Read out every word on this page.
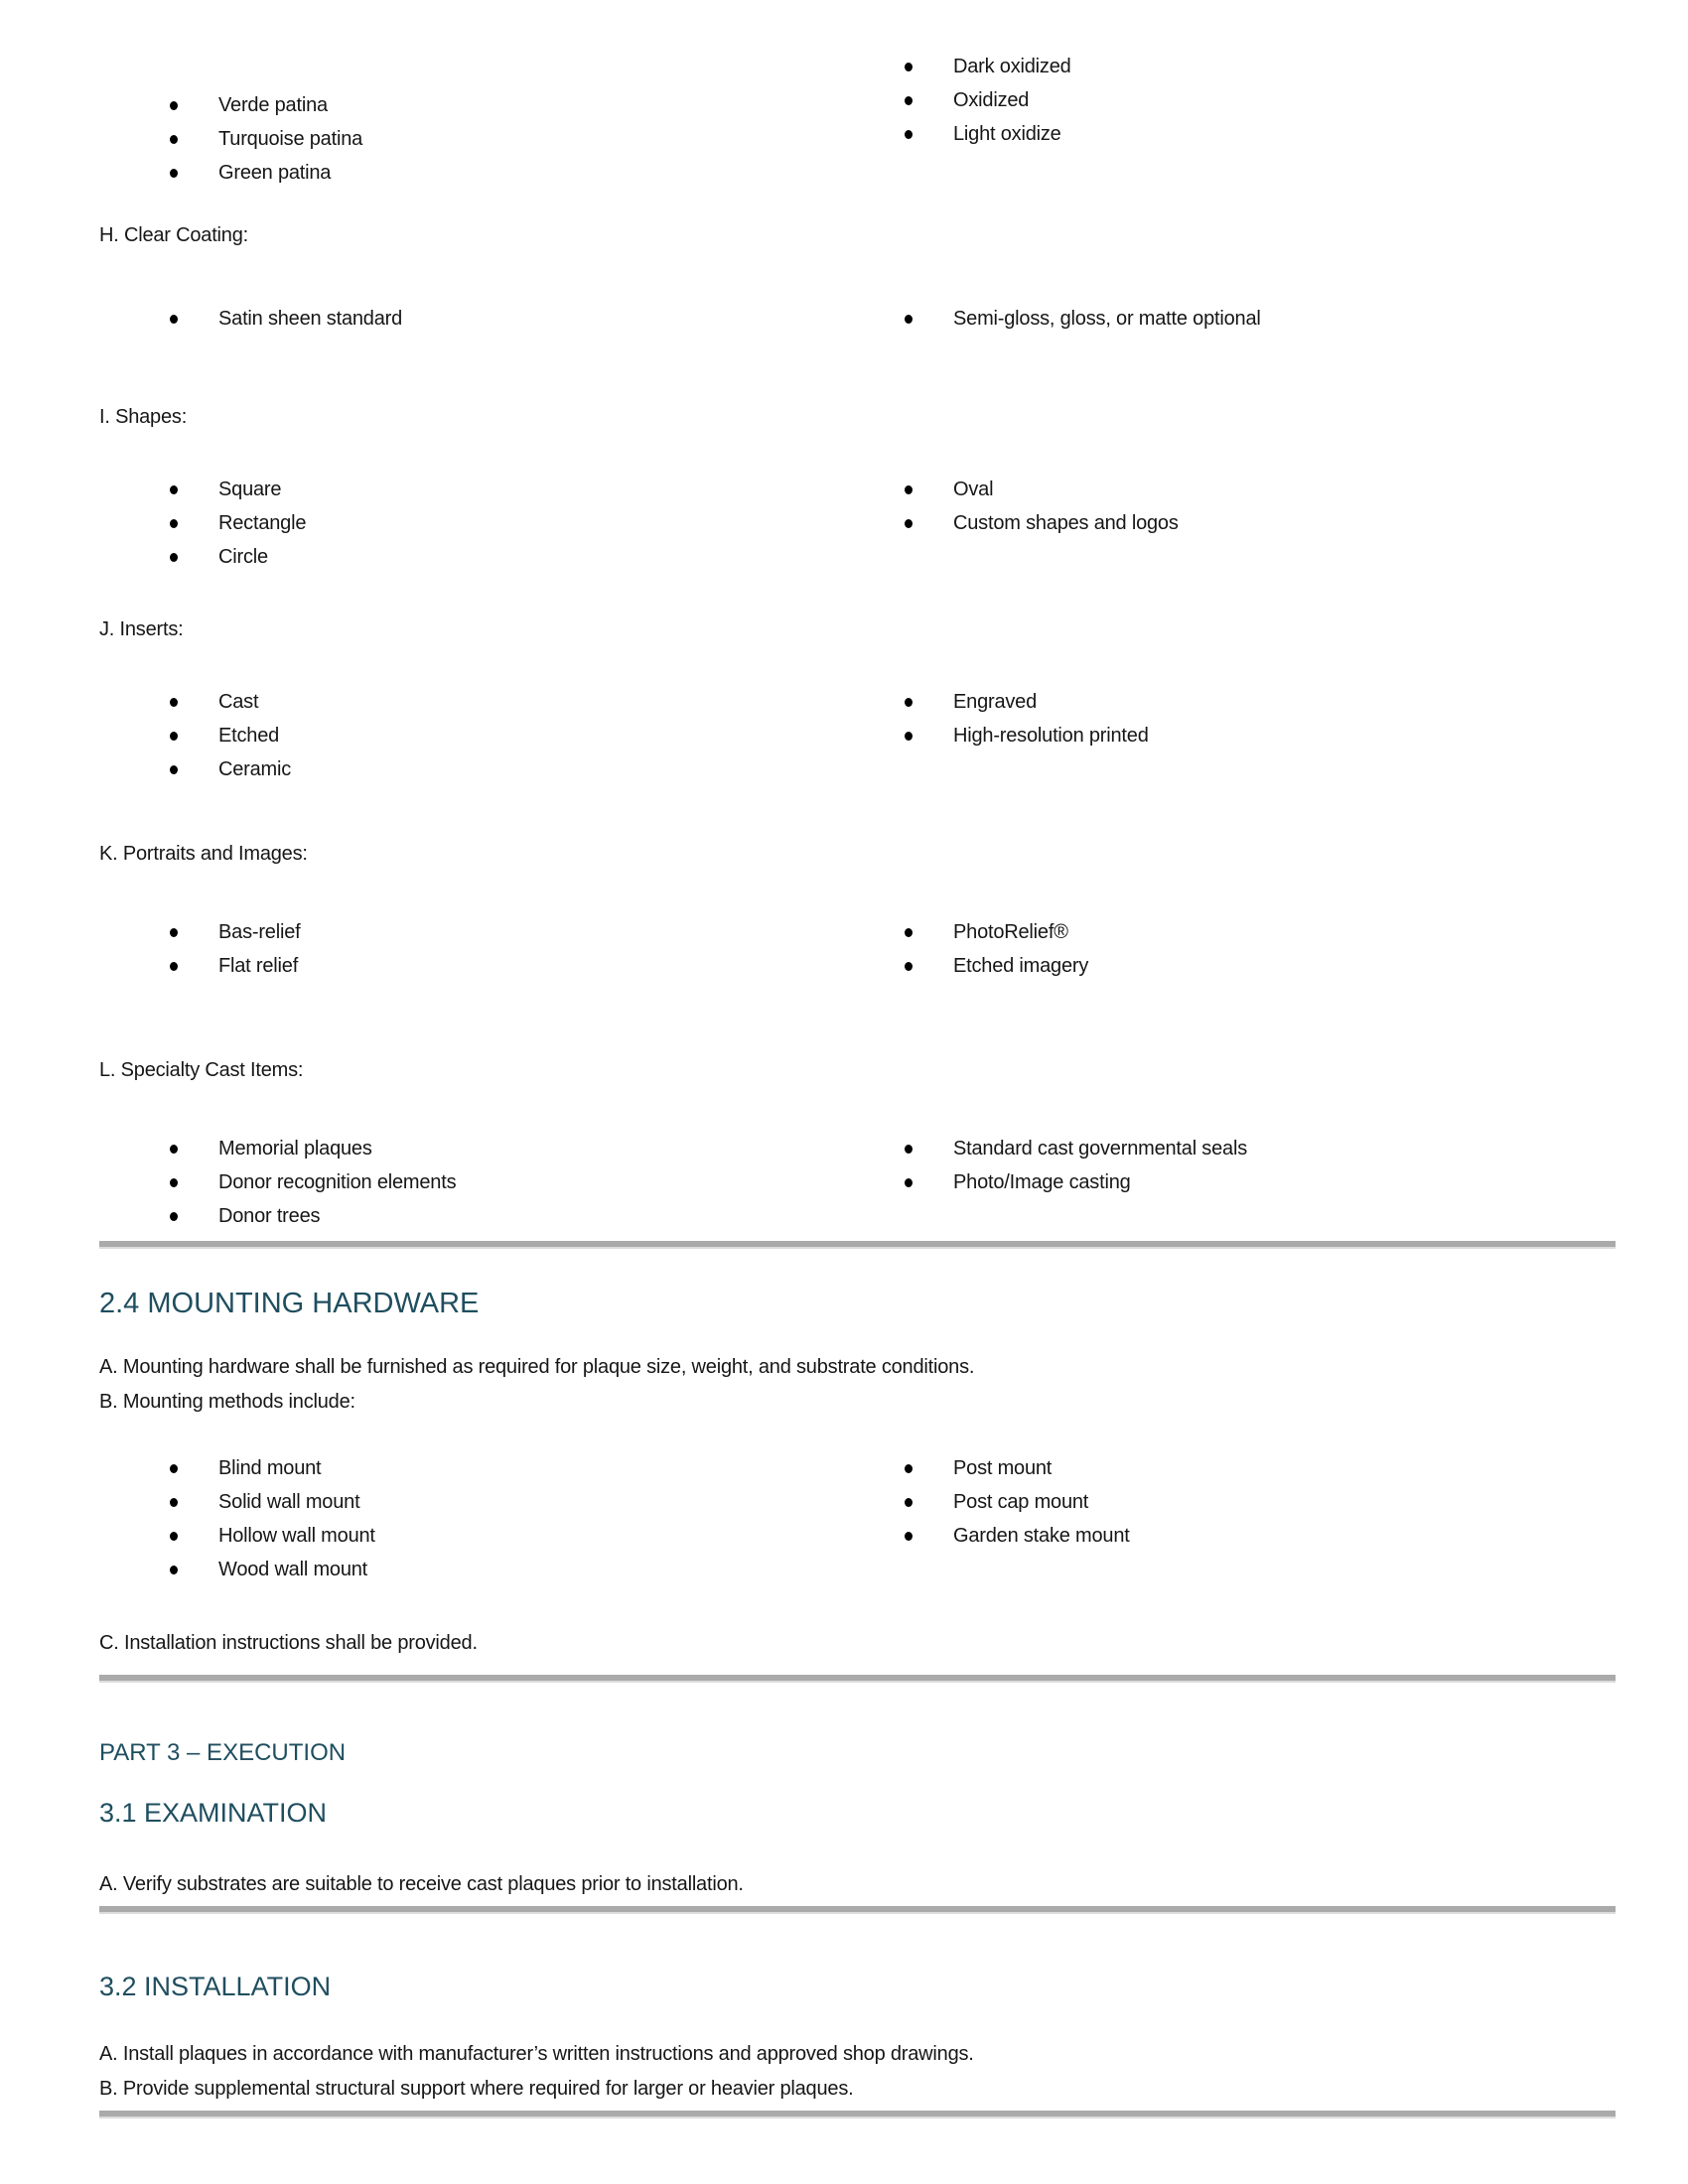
Verde patina
Turquoise patina
Green patina
Dark oxidized
Oxidized
Light oxidize
H. Clear Coating:
Satin sheen standard	Semi-gloss, gloss, or matte optional
I. Shapes:
Square
Rectangle
Circle
Oval
Custom shapes and logos
J. Inserts:
Cast
Etched
Ceramic
Engraved
High-resolution printed
K. Portraits and Images:
Bas-relief
Flat relief
PhotoRelief®
Etched imagery
L. Specialty Cast Items:
Memorial plaques
Donor recognition elements
Donor trees
Standard cast governmental seals
Photo/Image casting
2.4 MOUNTING HARDWARE
A. Mounting hardware shall be furnished as required for plaque size, weight, and substrate conditions.
B. Mounting methods include:
Blind mount
Solid wall mount
Hollow wall mount
Wood wall mount
Post mount
Post cap mount
Garden stake mount
C. Installation instructions shall be provided.
PART 3 – EXECUTION
3.1 EXAMINATION
A. Verify substrates are suitable to receive cast plaques prior to installation.
3.2 INSTALLATION
A. Install plaques in accordance with manufacturer’s written instructions and approved shop drawings.
B. Provide supplemental structural support where required for larger or heavier plaques.
